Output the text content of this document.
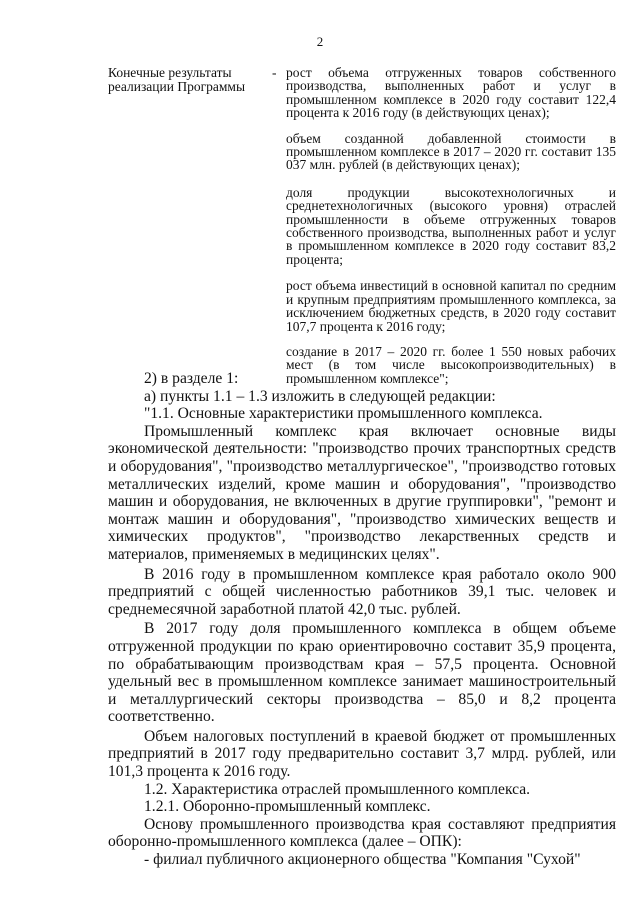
2
Конечные результаты реализации Программы
- рост объема отгруженных товаров собственного производства, выполненных работ и услуг в промышленном комплексе в 2020 году составит 122,4 процента к 2016 году (в действующих ценах);

объем созданной добавленной стоимости в промышленном комплексе в 2017 – 2020 гг. составит 135 037 млн. рублей (в действующих ценах);

доля продукции высокотехнологичных и среднетехнологичных (высокого уровня) отраслей промышленности в объеме отгруженных товаров собственного производства, выполненных работ и услуг в промышленном комплексе в 2020 году составит 83,2 процента;

рост объема инвестиций в основной капитал по средним и крупным предприятиям промышленного комплекса, за исключением бюджетных средств, в 2020 году составит 107,7 процента к 2016 году;

создание в 2017 – 2020 гг. более 1 550 новых рабочих мест (в том числе высокопроизводительных) в промышленном комплексе";

2) в разделе 1:

а) пункты 1.1 – 1.3 изложить в следующей редакции:

"1.1. Основные характеристики промышленного комплекса.

Промышленный комплекс края включает основные виды экономической деятельности: "производство прочих транспортных средств и оборудования", "производство металлургическое", "производство готовых металлических изделий, кроме машин и оборудования", "производство машин и оборудования, не включенных в другие группировки", "ремонт и монтаж машин и оборудования", "производство химических веществ и химических продуктов", "производство лекарственных средств и материалов, применяемых в медицинских целях".

В 2016 году в промышленном комплексе края работало около 900 предприятий с общей численностью работников 39,1 тыс. человек и среднемесячной заработной платой 42,0 тыс. рублей.

В 2017 году доля промышленного комплекса в общем объеме отгруженной продукции по краю ориентировочно составит 35,9 процента, по обрабатывающим производствам края – 57,5 процента. Основной удельный вес в промышленном комплексе занимает машиностроительный и металлургический секторы производства – 85,0 и 8,2 процента соответственно.

Объем налоговых поступлений в краевой бюджет от промышленных предприятий в 2017 году предварительно составит 3,7 млрд. рублей, или 101,3 процента к 2016 году.

1.2. Характеристика отраслей промышленного комплекса.

1.2.1. Оборонно-промышленный комплекс.

Основу промышленного производства края составляют предприятия оборонно-промышленного комплекса (далее – ОПК):

- филиал публичного акционерного общества "Компания "Сухой"
